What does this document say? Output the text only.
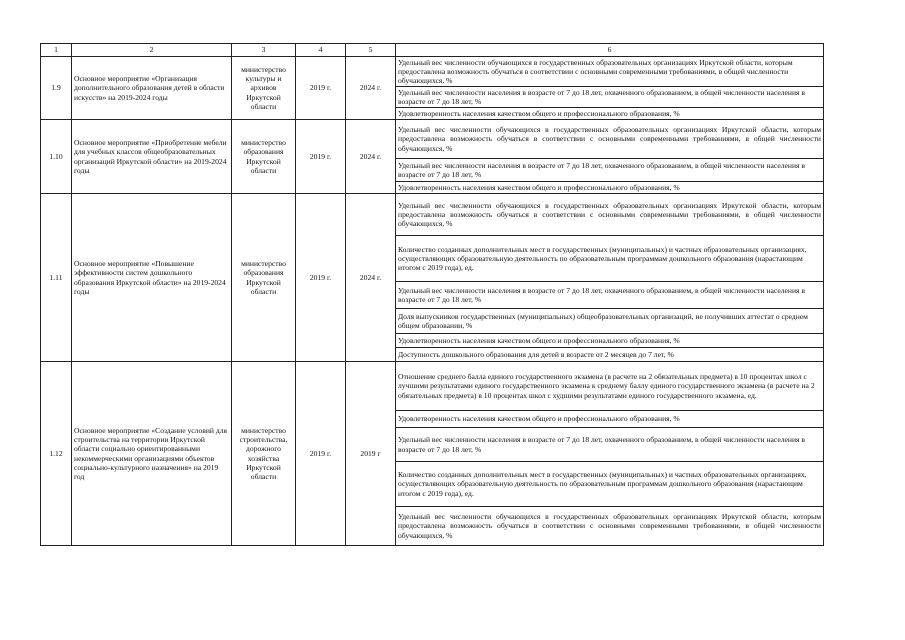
1	2	3	4	5	6
1.9	Основное мероприятие «Организация дополнительного образования детей в области искусств» на 2019-2024 годы	министерство культуры и архивов Иркутской области	2019 г.	2024 г.	Удельный вес численности обучающихся в государственных образовательных организациях Иркутской области, которым предоставлена возможность обучаться в соответствии с основными современными требованиями, в общей численности обучающихся, %
					Удельный вес численности населения в возрасте от 7 до 18 лет, охваченного образованием, в общей численности населения в возрасте от 7 до 18 лет, %
					Удовлетворенность населения качеством общего и профессионального образования, %
1.10	Основное мероприятие «Приобретение мебели для учебных классов общеобразовательных организаций Иркутской области» на 2019-2024 годы	министерство образования Иркутской области	2019 г.	2024 г.	Удельный вес численности обучающихся в государственных образовательных организациях Иркутской области, которым предоставлена возможность обучаться в соответствии с основными современными требованиями, в общей численности обучающихся, %
					Удельный вес численности населения в возрасте от 7 до 18 лет, охваченного образованием, в общей численности населения в возрасте от 7 до 18 лет, %
					Удовлетворенность населения качеством общего и профессионального образования, %
1.11	Основное мероприятие «Повышение эффективности систем дошкольного образования Иркутской области» на 2019-2024 годы	министерство образования Иркутской области	2019 г.	2024 г.	Удельный вес численности обучающихся в государственных образовательных организациях Иркутской области, которым предоставлена возможность обучаться в соответствии с основными современными требованиями, в общей численности обучающихся, %
					Количество созданных дополнительных мест в государственных (муниципальных) и частных образовательных организациях, осуществляющих образовательную деятельность по образовательным программам дошкольного образования (нарастающим итогом с 2019 года), ед.
					Удельный вес численности населения в возрасте от 7 до 18 лет, охваченного образованием, в общей численности населения в возрасте от 7 до 18 лет, %
					Доля выпускников государственных (муниципальных) общеобразовательных организаций, не получивших аттестат о среднем общем образовании, %
					Удовлетворенность населения качеством общего и профессионального образования, %
					Доступность дошкольного образования для детей в возрасте от 2 месяцев до 7 лет, %
1.12	Основное мероприятие «Создание условий для строительства на территории Иркутской области социально ориентированными некоммерческими организациями объектов социально-культурного назначения» на 2019 год	министерство строительства, дорожного хозяйства Иркутской области	2019 г.	2019 г	Отношение среднего балла единого государственного экзамена (в расчете на 2 обязательных предмета) в 10 процентах школ с лучшими результатами единого государственного экзамена к среднему баллу единого государственного экзамена (в расчете на 2 обязательных предмета) в 10 процентах школ с худшими результатами единого государственного экзамена, ед.
					Удовлетворенность населения качеством общего и профессионального образования, %
					Удельный вес численности населения в возрасте от 7 до 18 лет, охваченного образованием, в общей численности населения в возрасте от 7 до 18 лет, %
					Количество созданных дополнительных мест в государственных (муниципальных) и частных образовательных организациях, осуществляющих образовательную деятельность по образовательным программам дошкольного образования (нарастающим итогом с 2019 года), ед.
					Удельный вес численности обучающихся в государственных образовательных организациях Иркутской области, которым предоставлена возможность обучаться в соответствии с основными современными требованиями, в общей численности обучающихся, %
